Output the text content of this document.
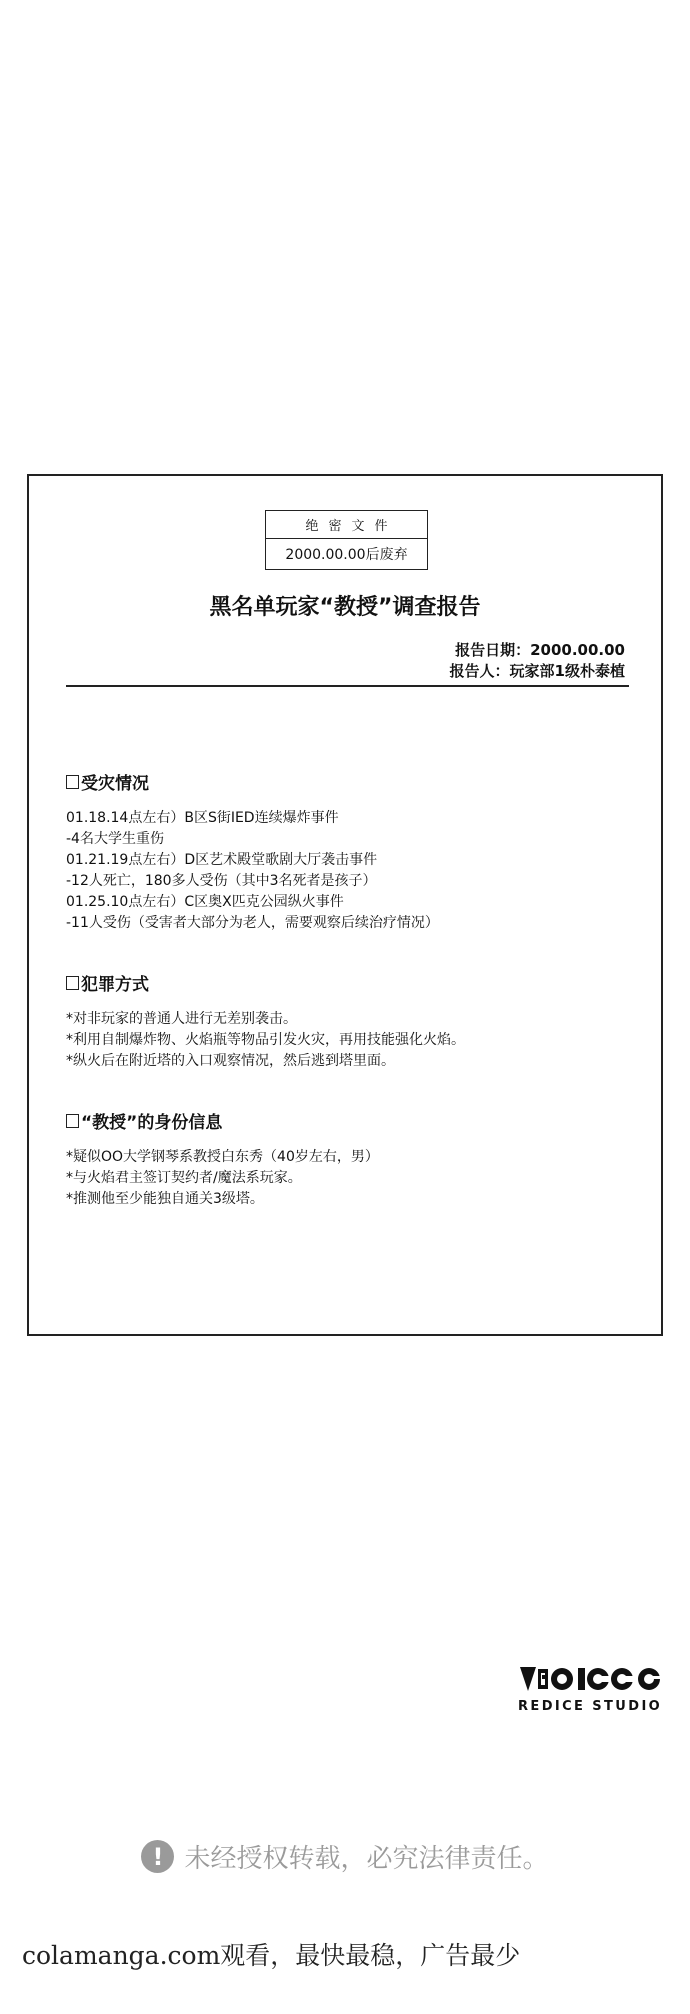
绝密文件
2000.00.00后废弃
黑名单玩家“教授”调查报告
报告日期：2000.00.00
报告人：玩家部1级朴泰植
受灾情况
01.18.14点左右）B区S街IED连续爆炸事件
-4名大学生重伤
01.21.19点左右）D区艺术殿堂歌剧大厅袭击事件
-12人死亡，180多人受伤（其中3名死者是孩子）
01.25.10点左右）C区奥X匹克公园纵火事件
-11人受伤（受害者大部分为老人，需要观察后续治疗情况）
犯罪方式
*对非玩家的普通人进行无差别袭击。
*利用自制爆炸物、火焰瓶等物品引发火灾，再用技能强化火焰。
*纵火后在附近塔的入口观察情况，然后逃到塔里面。
“教授”的身份信息
*疑似OO大学钢琴系教授白东秀（40岁左右，男）
*与火焰君主签订契约者/魔法系玩家。
*推测他至少能独自通关3级塔。
REDICE STUDIO
! 未经授权转载，必究法律责任。
colamanga.com观看，最快最稳，广告最少
